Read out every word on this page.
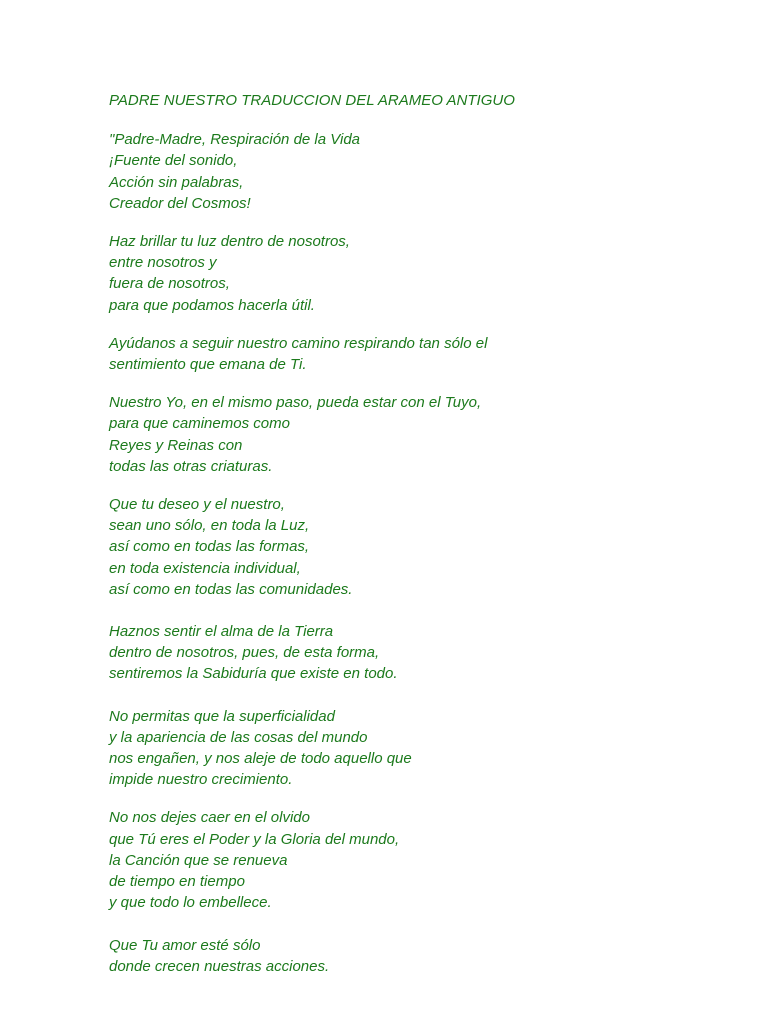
PADRE NUESTRO TRADUCCION DEL ARAMEO ANTIGUO
"Padre-Madre, Respiración de la Vida
¡Fuente del sonido,
Acción sin palabras,
Creador del Cosmos!
Haz brillar tu luz dentro de nosotros,
entre nosotros y
fuera de nosotros,
para que podamos hacerla útil.
Ayúdanos a seguir nuestro camino respirando tan sólo el
sentimiento que emana de Ti.
Nuestro Yo, en el mismo paso, pueda estar con el Tuyo,
para que caminemos como
Reyes y Reinas con
todas las otras criaturas.
Que tu deseo y el nuestro,
sean uno sólo, en toda la Luz,
así como en todas las formas,
en toda existencia individual,
así como en todas las comunidades.
Haznos sentir el alma de la Tierra
dentro de nosotros, pues, de esta forma,
sentiremos la Sabiduría que existe en todo.
No permitas que la superficialidad
y la apariencia de las cosas del mundo
nos engañen, y nos aleje de todo aquello que
impide nuestro crecimiento.
No nos dejes caer en el olvido
que Tú eres el Poder y la Gloria del mundo,
la Canción que se renueva
de tiempo en tiempo
y que todo lo embellece.
Que Tu amor esté sólo
donde crecen nuestras acciones.
